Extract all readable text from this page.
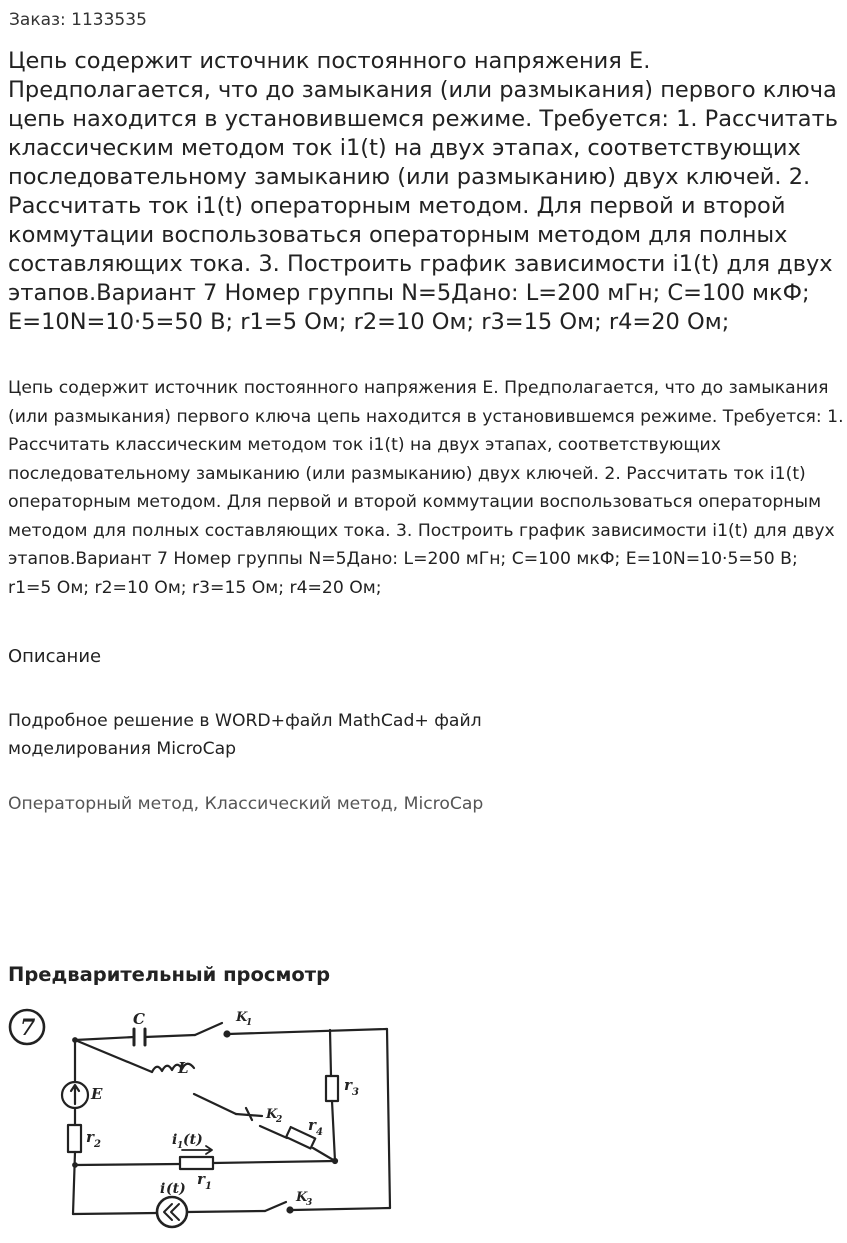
Заказ: 1133535
Цепь содержит источник постоянного напряжения E. Предполагается, что до замыкания (или размыкания) первого ключа цепь находится в установившемся режиме. Требуется: 1. Рассчитать классическим методом ток i1(t) на двух этапах, соответствующих последовательному замыканию (или размыканию) двух ключей. 2. Рассчитать ток i1(t) операторным методом. Для первой и второй коммутации воспользоваться операторным методом для полных составляющих тока. 3. Построить график зависимости i1(t) для двух этапов.Вариант 7 Номер группы N=5Дано: L=200 мГн; C=100 мкФ; E=10N=10·5=50 В; r1=5 Ом; r2=10 Ом; r3=15 Ом; r4=20 Ом;

Цепь содержит источник постоянного напряжения E. Предполагается, что до замыкания (или размыкания) первого ключа цепь находится в установившемся режиме. Требуется: 1. Рассчитать классическим методом ток i1(t) на двух этапах, соответствующих последовательному замыканию (или размыканию) двух ключей. 2. Рассчитать ток i1(t) операторным методом. Для первой и второй коммутации воспользоваться операторным методом для полных составляющих тока. 3. Построить график зависимости i1(t) для двух этапов.Вариант 7 Номер группы N=5Дано: L=200 мГн; C=100 мкФ; E=10N=10·5=50 В; r1=5 Ом; r2=10 Ом; r3=15 Ом; r4=20 Ом;

Описание

Подробное решение в WORD+файл MathCad+ файл моделирования MicroCap

Операторный метод, Классический метод, MicroCap
Предварительный просмотр
7	C	K
1
L
E
K
2
r 3
r 4
r 2	i 1 (t)
r 1
i (t)
K
3
